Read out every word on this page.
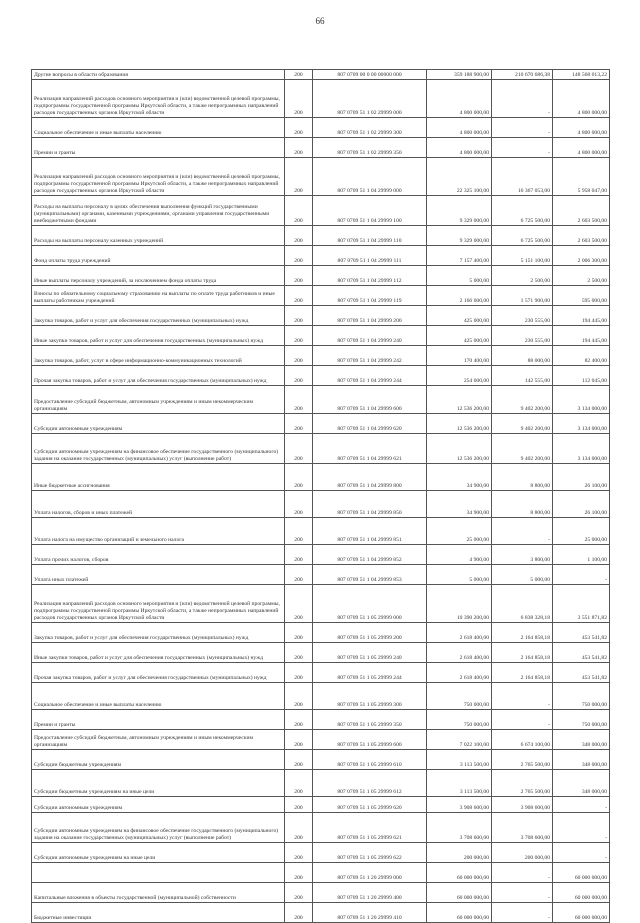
66
Другие вопросы в области образования	200	807 0709 00 0 00 00000 000	359 188 900,00	210 670 686,38	148 568 013,22
Реализация направлений расходов основного мероприятия и (или) ведомственной целевой программы, подпрограммы государственной программы Иркутской области, а также непрограммных направлений расходов государственных органов Иркутской области	200	807 0709 51 1 02 29999 000	4 800 000,00	-	4 800 000,00
Социальное обеспечение и иные выплаты населению	200	807 0709 51 1 02 29999 300	4 800 000,00	-	4 800 000,00
Премии и гранты	200	807 0709 51 1 02 29999 350	4 800 000,00	-	4 800 000,00
Реализация направлений расходов основного мероприятия и (или) ведомственной целевой программы, подпрограммы государственной программы Иркутской области, а также непрограммных направлений расходов государственных органов Иркутской области	200	807 0709 51 1 04 29999 000	22 325 100,00	16 367 053,00	5 958 047,00
Расходы на выплаты персоналу в целях обеспечения выполнения функций государственными (муниципальными) органами, казенными учреждениями, органами управления государственными внебюджетными фондами	200	807 0709 51 1 04 29999 100	9 329 000,00	6 725 500,00	2 603 500,00
Расходы на выплаты персоналу казенных учреждений	200	807 0709 51 1 04 29999 110	9 329 000,00	6 725 500,00	2 603 500,00
Фонд оплаты труда учреждений	200	807 0709 51 1 04 29999 111	7 157 400,00	5 151 100,00	2 006 300,00
Иные выплаты персоналу учреждений, за исключением фонда оплаты труда	200	807 0709 51 1 04 29999 112	5 000,00	2 500,00	2 500,00
Взносы по обязательному социальному страхованию на выплаты по оплате труда работников и иные выплаты работникам учреждений	200	807 0709 51 1 04 29999 119	2 166 600,00	1 571 900,00	595 000,00
Закупка товаров, работ и услуг для обеспечения государственных (муниципальных) нужд	200	807 0709 51 1 04 29999 200	425 000,00	230 555,00	194 445,00
Иные закупки товаров, работ и услуг для обеспечения государственных (муниципальных) нужд	200	807 0709 51 1 04 29999 240	425 000,00	230 555,00	194 445,00
Закупка товаров, работ, услуг в сфере информационно-коммуникационных технологий	200	807 0709 51 1 04 29999 242	170 400,00	88 000,00	82 400,00
Прочая закупка товаров, работ и услуг для обеспечения государственных (муниципальных) нужд	200	807 0709 51 1 04 29999 244	254 600,00	142 555,00	112 045,00
Предоставление субсидий бюджетным, автономным учреждениям и иным некоммерческим организациям	200	807 0709 51 1 04 29999 600	12 536 200,00	9 402 200,00	3 134 000,00
Субсидии автономным учреждениям	200	807 0709 51 1 04 29999 620	12 536 200,00	9 402 200,00	3 134 000,00
Субсидии автономным учреждениям на финансовое обеспечение государственного (муниципального) задания на оказание государственных (муниципальных) услуг (выполнение работ)	200	807 0709 51 1 04 29999 621	12 536 200,00	9 402 200,00	3 134 000,00
Иные бюджетные ассигнования	200	807 0709 51 1 04 29999 800	34 900,00	8 800,00	26 100,00
Уплата налогов, сборов и иных платежей	200	807 0709 51 1 04 29999 850	34 900,00	8 800,00	26 100,00
Уплата налога на имущество организаций и земельного налога	200	807 0709 51 1 04 29999 851	25 000,00	-	25 000,00
Уплата прочих налогов, сборов	200	807 0709 51 1 04 29999 852	4 900,00	3 800,00	1 100,00
Уплата иных платежей	200	807 0709 51 1 04 29999 853	5 000,00	5 000,00	-
Реализация направлений расходов основного мероприятия и (или) ведомственной целевой программы, подпрограммы государственной программы Иркутской области, а также непрограммных направлений расходов государственных органов Иркутской области	200	807 0709 51 1 05 29999 000	10 390 200,00	6 838 328,18	3 551 871,82
Закупка товаров, работ и услуг для обеспечения государственных (муниципальных) нужд	200	807 0709 51 1 05 29999 200	2 618 400,00	2 164 858,18	453 541,82
Иные закупки товаров, работ и услуг для обеспечения государственных (муниципальных) нужд	200	807 0709 51 1 05 29999 240	2 618 400,00	2 164 858,18	453 541,82
Прочая закупка товаров, работ и услуг для обеспечения государственных (муниципальных) нужд	200	807 0709 51 1 05 29999 244	2 618 400,00	2 164 858,18	453 541,82
Социальное обеспечение и иные выплаты населению	200	807 0709 51 1 05 29999 300	750 000,00	-	750 000,00
Премии и гранты	200	807 0709 51 1 05 29999 350	750 000,00	-	750 000,00
Предоставление субсидий бюджетным, автономным учреждениям и иным некоммерческим организациям	200	807 0709 51 1 05 29999 600	7 022 100,00	6 674 100,00	348 000,00
Субсидии бюджетным учреждениям	200	807 0709 51 1 05 29999 610	3 113 500,00	2 765 500,00	348 000,00
Субсидии бюджетным учреждениям на иные цели	200	807 0709 51 1 05 29999 612	3 113 500,00	2 765 500,00	348 000,00
Субсидии автономным учреждениям	200	807 0709 51 1 05 29999 620	3 908 600,00	3 908 600,00	-
Субсидии автономным учреждениям на финансовое обеспечение государственного (муниципального) задания на оказание государственных (муниципальных) услуг (выполнение работ)	200	807 0709 51 1 05 29999 621	3 708 600,00	3 708 600,00	-
Субсидии автономным учреждениям на иные цели	200	807 0709 51 1 05 29999 622	200 000,00	200 000,00	-
	200	807 0709 51 1 20 29999 000	60 000 000,00	-	60 000 000,00
Капитальные вложения в объекты государственной (муниципальной) собственности	200	807 0709 51 1 20 29999 400	60 000 000,00	-	60 000 000,00
Бюджетные инвестиции	200	807 0709 51 1 20 29999 410	60 000 000,00	-	60 000 000,00
